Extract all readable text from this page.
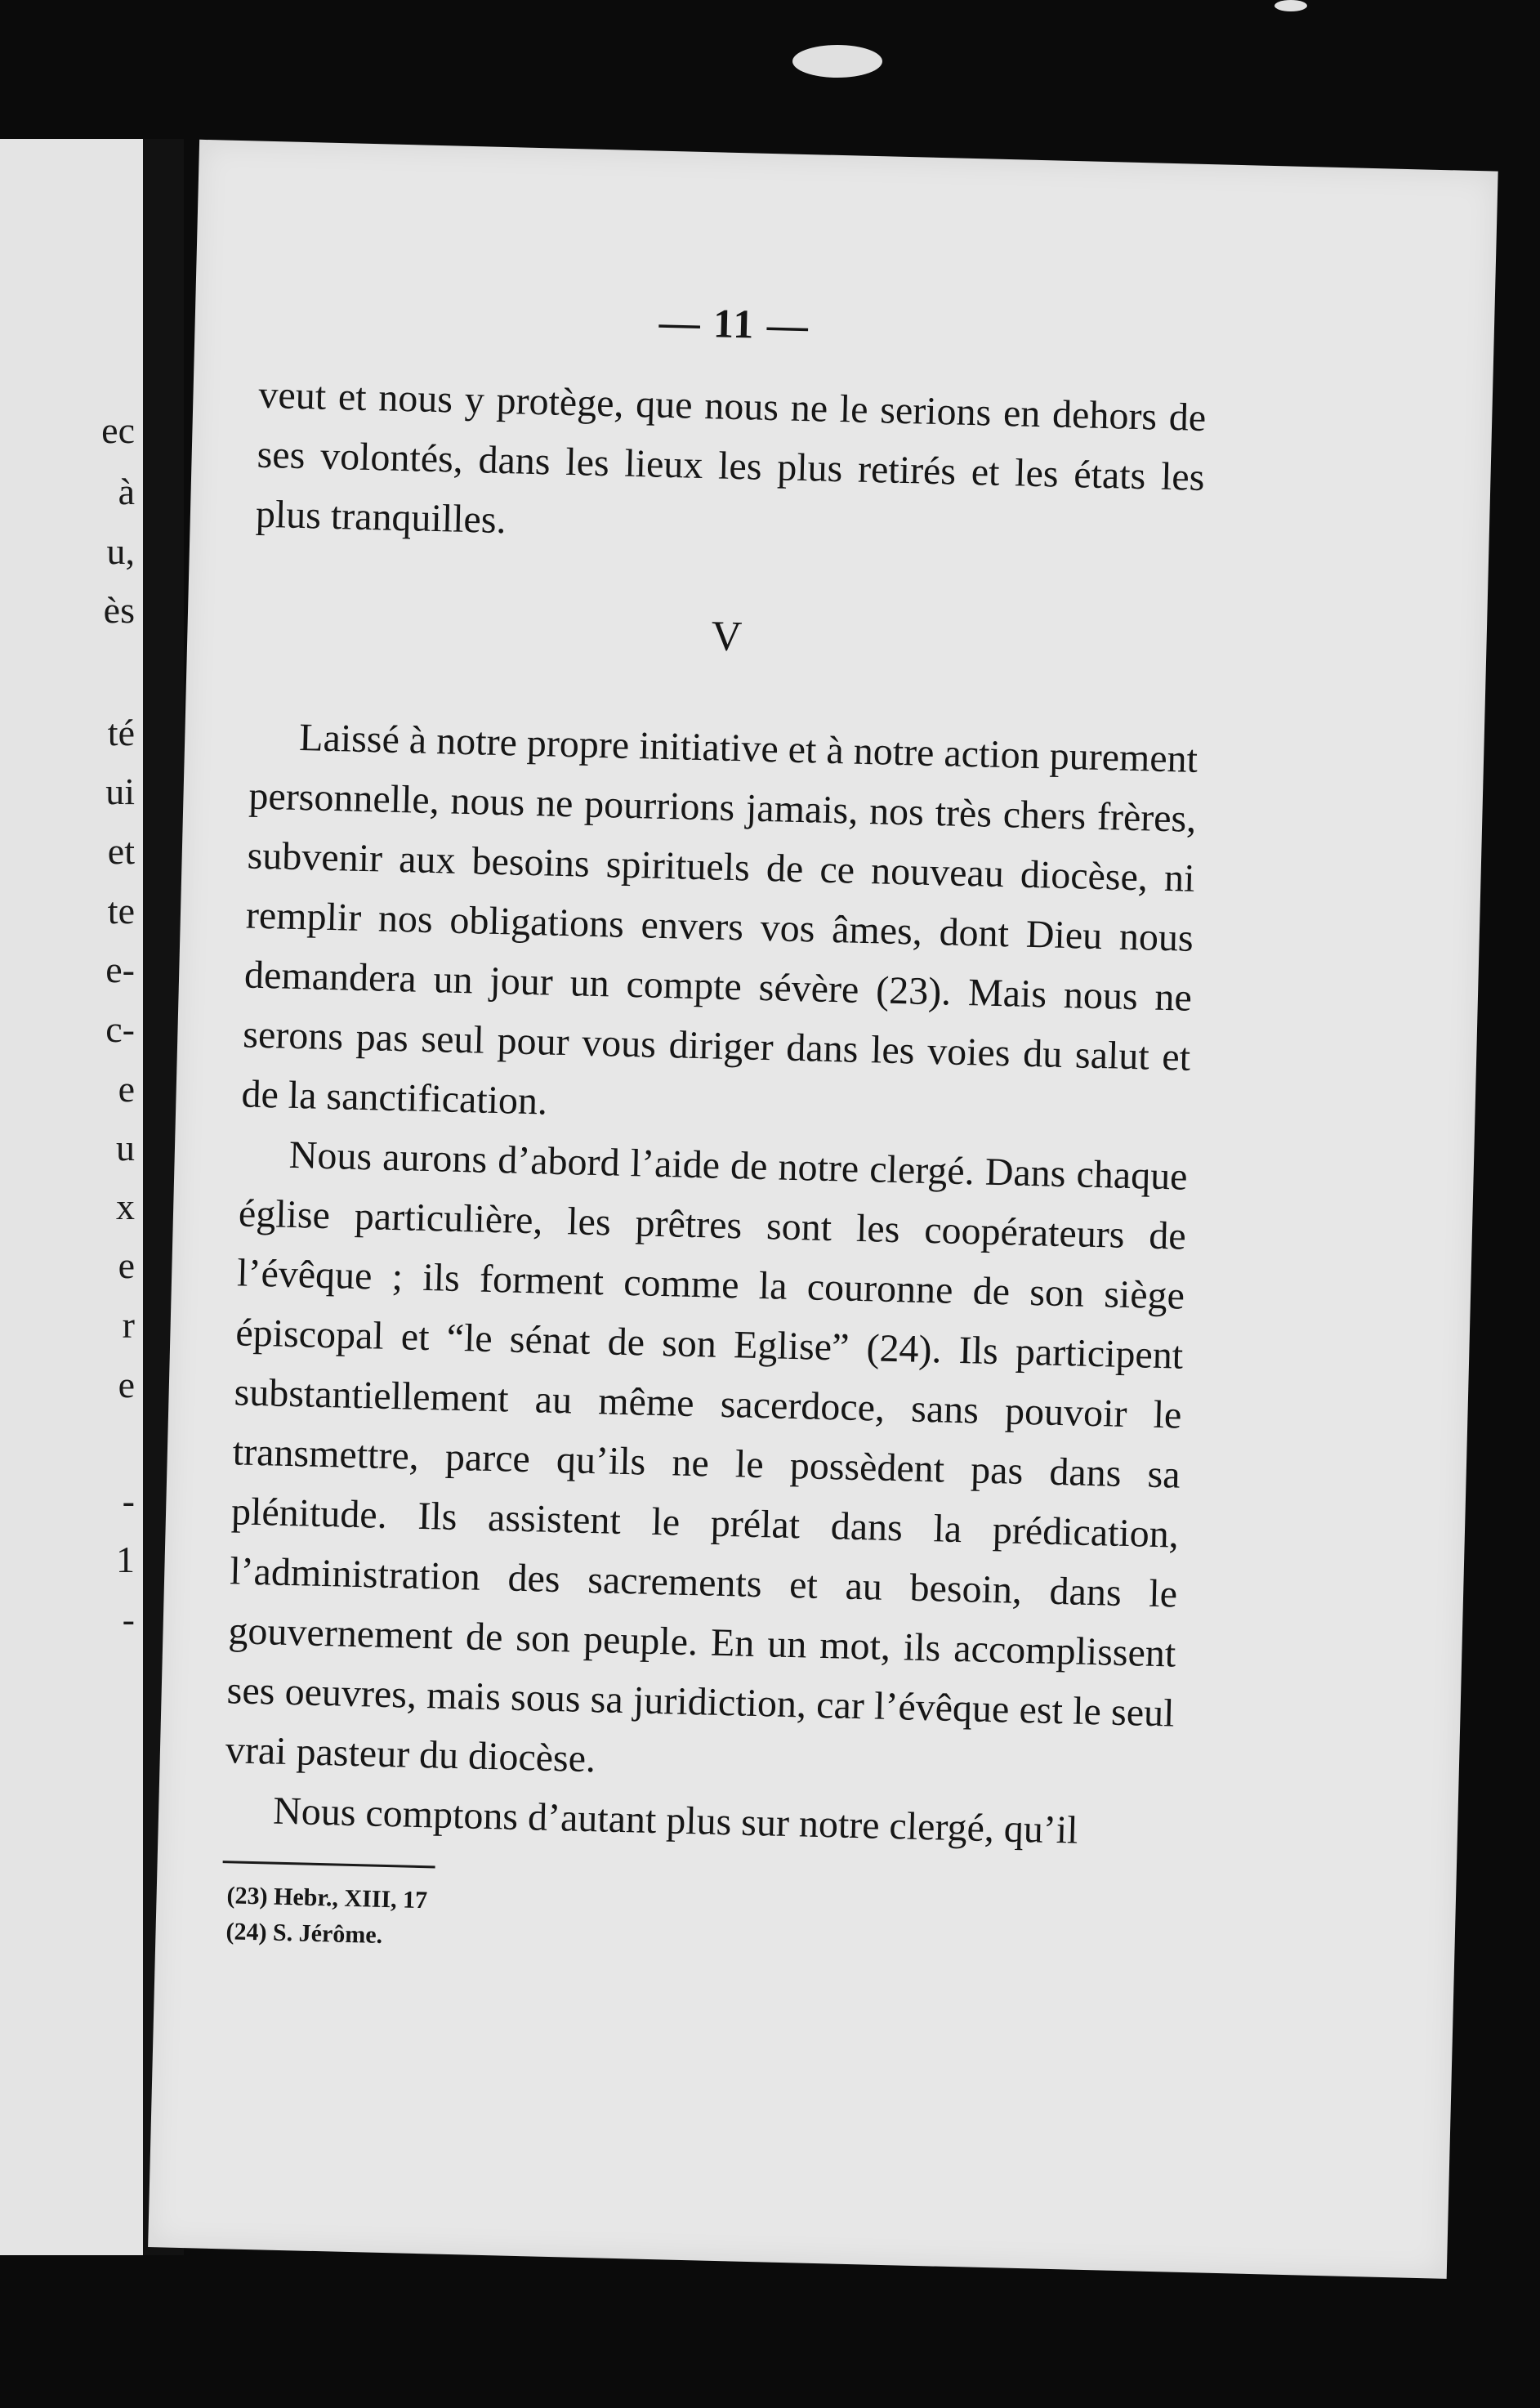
ec
à
u,
ès
té
ui
et
te
e-
c-
e
u
x
e
r
e
-
1
-
— 11 —

veut et nous y protège, que nous ne le serions en dehors de ses volontés, dans les lieux les plus retirés et les états les plus tranquilles.

V

Laissé à notre propre initiative et à notre action purement personnelle, nous ne pourrions jamais, nos très chers frères, subvenir aux besoins spirituels de ce nouveau diocèse, ni remplir nos obligations envers vos âmes, dont Dieu nous demandera un jour un compte sévère (23). Mais nous ne serons pas seul pour vous diriger dans les voies du salut et de la sanctification.

Nous aurons d’abord l’aide de notre clergé. Dans chaque église particulière, les prêtres sont les coopérateurs de l’évêque ; ils forment comme la couronne de son siège épiscopal et “le sénat de son Eglise” (24). Ils participent substantiellement au même sacerdoce, sans pouvoir le transmettre, parce qu’ils ne le possèdent pas dans sa plénitude. Ils assistent le prélat dans la prédication, l’administration des sacrements et au besoin, dans le gouvernement de son peuple. En un mot, ils accomplissent ses oeuvres, mais sous sa juridiction, car l’évêque est le seul vrai pasteur du diocèse.

Nous comptons d’autant plus sur notre clergé, qu’il

(23) Hebr., XIII, 17
(24) S. Jérôme.
